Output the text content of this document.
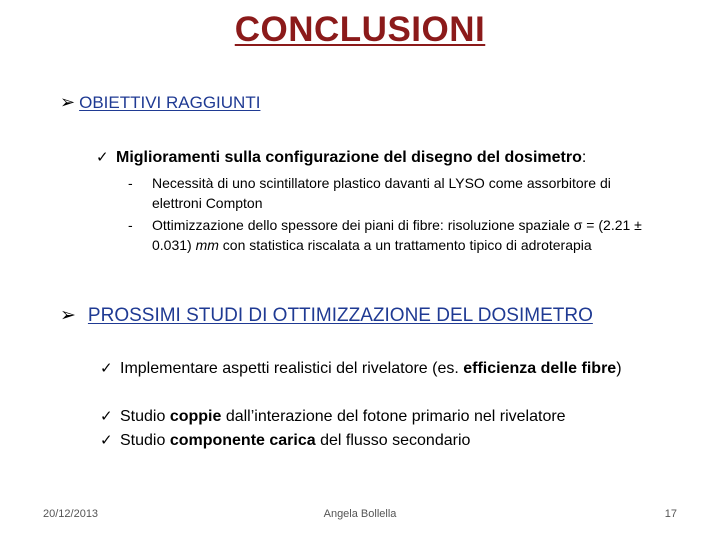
CONCLUSIONI
➢ OBIETTIVI RAGGIUNTI
✓ Miglioramenti sulla configurazione del disegno del dosimetro:
- Necessità di uno scintillatore plastico davanti al LYSO come assorbitore di elettroni Compton
- Ottimizzazione dello spessore dei piani di fibre: risoluzione spaziale σ = (2.21 ± 0.031) mm con statistica riscalata a un trattamento tipico di adroterapia
➢ PROSSIMI STUDI DI OTTIMIZZAZIONE DEL DOSIMETRO
✓ Implementare aspetti realistici del rivelatore (es. efficienza delle fibre)
✓ Studio coppie dall’interazione del fotone primario nel rivelatore
✓ Studio componente carica del flusso secondario
20/12/2013	Angela Bollella	17
